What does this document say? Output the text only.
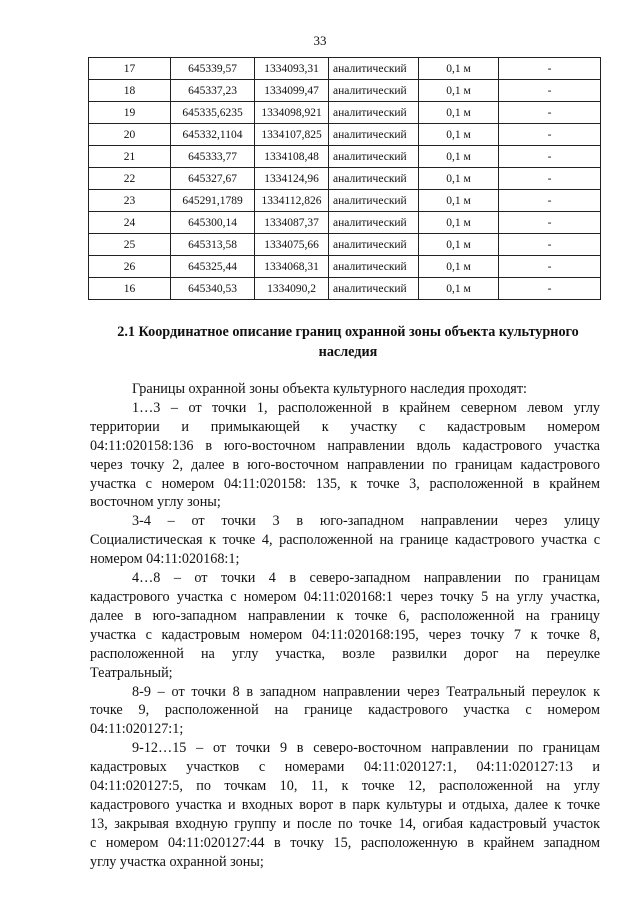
33
17	645339,57	1334093,31	аналитический	0,1 м	-
18	645337,23	1334099,47	аналитический	0,1 м	-
19	645335,6235	1334098,921	аналитический	0,1 м	-
20	645332,1104	1334107,825	аналитический	0,1 м	-
21	645333,77	1334108,48	аналитический	0,1 м	-
22	645327,67	1334124,96	аналитический	0,1 м	-
23	645291,1789	1334112,826	аналитический	0,1 м	-
24	645300,14	1334087,37	аналитический	0,1 м	-
25	645313,58	1334075,66	аналитический	0,1 м	-
26	645325,44	1334068,31	аналитический	0,1 м	-
16	645340,53	1334090,2	аналитический	0,1 м	-
2.1 Координатное описание границ охранной зоны объекта культурного
наследия

Границы охранной зоны объекта культурного наследия проходят:

1…3 – от точки 1, расположенной в крайнем северном левом углу
территории и примыкающей к участку с кадастровым номером
04:11:020158:136 в юго-восточном направлении вдоль кадастрового участка
через точку 2, далее в юго-восточном направлении по границам кадастрового
участка с номером 04:11:020158: 135, к точке 3, расположенной в крайнем
восточном углу зоны;

3-4 – от точки 3 в юго-западном направлении через улицу
Социалистическая к точке 4, расположенной на границе кадастрового участка с
номером 04:11:020168:1;

4…8 – от точки 4 в северо-западном направлении по границам
кадастрового участка с номером 04:11:020168:1 через точку 5 на углу участка,
далее в юго-западном направлении к точке 6, расположенной на границу
участка с кадастровым номером 04:11:020168:195, через точку 7 к точке 8,
расположенной на углу участка, возле развилки дорог на переулке
Театральный;

8-9 – от точки 8 в западном направлении через Театральный переулок к
точке 9, расположенной на границе кадастрового участка с номером
04:11:020127:1;

9-12…15 – от точки 9 в северо-восточном направлении по границам
кадастровых участков с номерами 04:11:020127:1, 04:11:020127:13 и
04:11:020127:5, по точкам 10, 11, к точке 12, расположенной на углу
кадастрового участка и входных ворот в парк культуры и отдыха, далее к точке
13, закрывая входную группу и после по точке 14, огибая кадастровый участок
с номером 04:11:020127:44 в точку 15, расположенную в крайнем западном
углу участка охранной зоны;
